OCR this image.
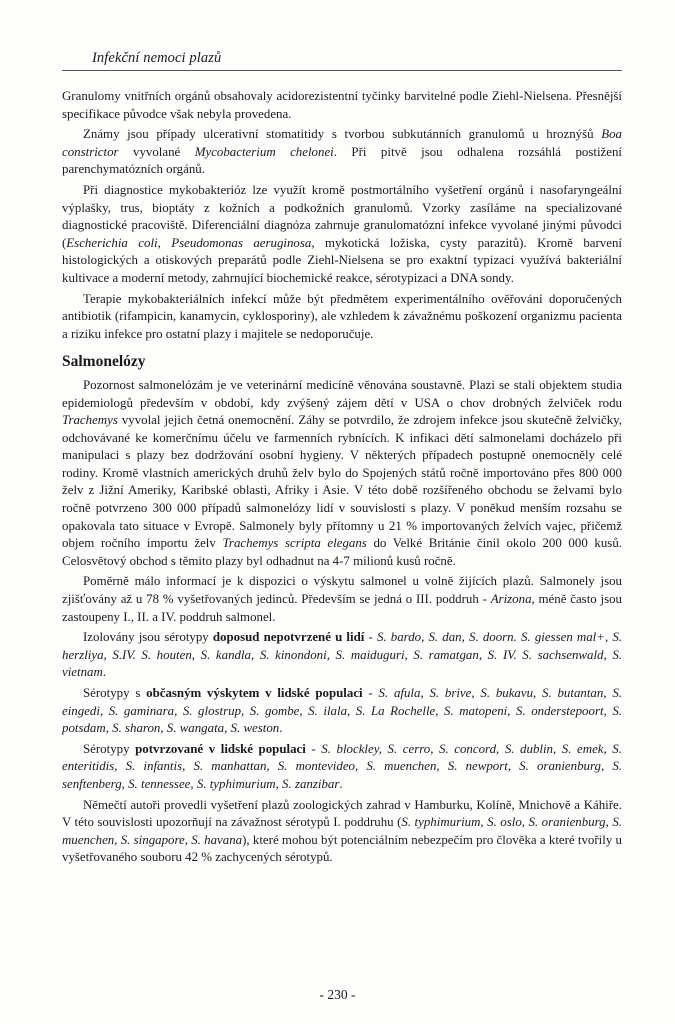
Infekční nemoci plazů

Granulomy vnitřních orgánů obsahovaly acidorezistentní tyčinky barvitelné podle Ziehl-Nielsena. Přesnější specifikace původce však nebyla provedena.

Známy jsou případy ulcerativní stomatitidy s tvorbou subkutánních granulomů u hroznýšů Boa constrictor vyvolané Mycobacterium chelonei. Při pitvě jsou odhalena rozsáhlá postižení parenchymatózních orgánů.

Při diagnostice mykobakterióz lze využít kromě postmortálního vyšetření orgánů i nasofaryngeální výplašky, trus, bioptáty z kožních a podkožních granulomů. Vzorky zasíláme na specializované diagnostické pracoviště. Diferenciální diagnóza zahrnuje granulomatózní infekce vyvolané jinými původci (Escherichia coli, Pseudomonas aeruginosa, mykotická ložiska, cysty parazitů). Kromě barvení histologických a otiskových preparátů podle Ziehl-Nielsena se pro exaktní typizaci využívá bakteriální kultivace a moderní metody, zahrnující biochemické reakce, sérotypizaci a DNA sondy.

Terapie mykobakteriálních infekcí může být předmětem experimentálního ověřování doporučených antibiotik (rifampicin, kanamycin, cyklosporiny), ale vzhledem k závažnému poškození organizmu pacienta a riziku infekce pro ostatní plazy i majitele se nedoporučuje.

Salmonelózy

Pozornost salmonelózám je ve veterinární medicíně věnována soustavně. Plazi se stali objektem studia epidemiologů především v období, kdy zvýšený zájem dětí v USA o chov drobných želviček rodu Trachemys vyvolal jejich četná onemocnění. Záhy se potvrdilo, že zdrojem infekce jsou skutečně želvičky, odchovávané ke komerčnímu účelu ve farmenních rybnících. K infikaci dětí salmonelami docházelo při manipulaci s plazy bez dodržování osobní hygieny. V některých případech postupně onemocněly celé rodiny. Kromě vlastních amerických druhů želv bylo do Spojených států ročně importováno přes 800 000 želv z Jižní Ameriky, Karibské oblasti, Afriky i Asie. V této době rozšířeného obchodu se želvami bylo ročně potvrzeno 300 000 případů salmonelózy lidí v souvislosti s plazy. V poněkud menším rozsahu se opakovala tato situace v Evropě. Salmonely byly přítomny u 21 % importovaných želvích vajec, přičemž objem ročního importu želv Trachemys scripta elegans do Velké Británie činil okolo 200 000 kusů. Celosvětový obchod s těmito plazy byl odhadnut na 4-7 milionů kusů ročně.

Poměrně málo informací je k dispozici o výskytu salmonel u volně žijících plazů. Salmonely jsou zjišťovány až u 78 % vyšetřovaných jedinců. Především se jedná o III. poddruh - Arizona, méně často jsou zastoupeny I., II. a IV. poddruh salmonel.

Izolovány jsou sérotypy doposud nepotvrzené u lidí - S. bardo, S. dan, S. doorn. S. giessen mal+, S. herzliya, S.IV. S. houten, S. kandla, S. kinondoni, S. maiduguri, S. ramatgan, S. IV. S. sachsenwald, S. vietnam.

Sérotypy s občasným výskytem v lidské populaci - S. afula, S. brive, S. bukavu, S. butantan, S. eingedi, S. gaminara, S. glostrup, S. gombe, S. ilala, S. La Rochelle, S. matopeni, S. onderstepoort, S. potsdam, S. sharon, S. wangata, S. weston.

Sérotypy potvrzované v lidské populaci - S. blockley, S. cerro, S. concord, S. dublin, S. emek, S. enteritidis, S. infantis, S. manhattan, S. montevideo, S. muenchen, S. newport, S. oranienburg, S. senftenberg, S. tennessee, S. typhimurium, S. zanzibar.

Němečtí autoři provedli vyšetření plazů zoologických zahrad v Hamburku, Kolíně, Mnichově a Káhiře. V této souvislosti upozorňují na závažnost sérotypů I. poddruhu (S. typhimurium, S. oslo, S. oranienburg, S. muenchen, S. singapore, S. havana), které mohou být potenciálním nebezpečím pro člověka a které tvořily u vyšetřovaného souboru 42 % zachycených sérotypů.

- 230 -
